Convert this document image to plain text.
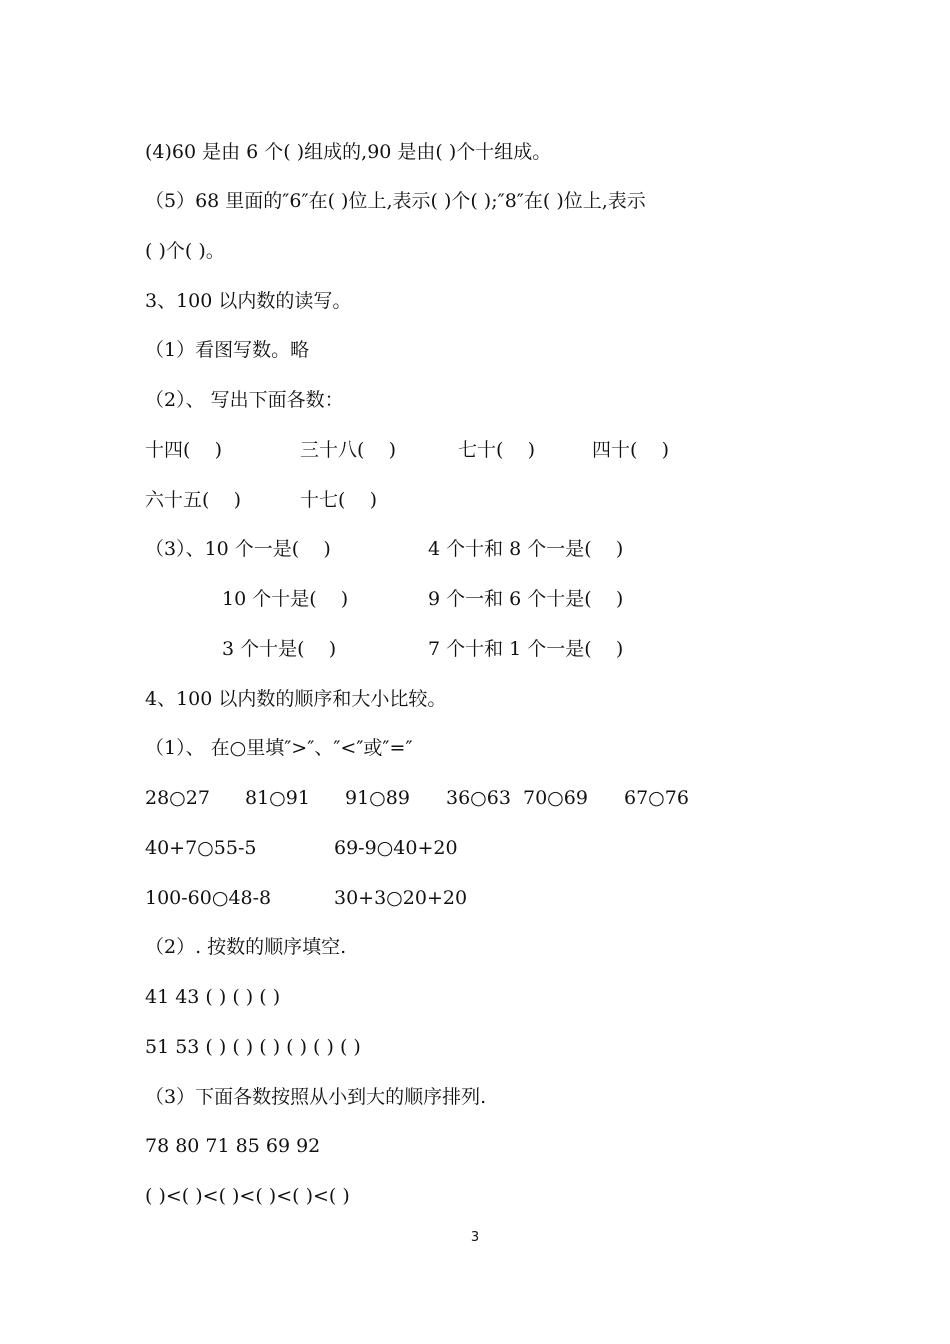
(4)60 是由 6 个( )组成的,90 是由( )个十组成。

（5）68 里面的″6″在( )位上,表示( )个( );″8″在( )位上,表示

( )个( )。

3、100 以内数的读写。

（1）看图写数。略

（2）、 写出下面各数：

十四(    )	三十八(    )	七十(    )	四十(    )
六十五(    )	十七(    )
（3）、10 个一是(    )	4 个十和 8 个一是(    )
10 个十是(    )	9 个一和 6 个十是(    )
3 个十是(    )	7 个十和 1 个一是(    )

4、100 以内数的顺序和大小比较。

（1）、 在○里填″>″、″<″或″=″

28○27 81○91 91○89 36○63 70○69 67○76
40+7○55-5	69-9○40+20
100-60○48-8	30+3○20+20

（2）. 按数的顺序填空.

41 43 ( ) ( ) ( )

51 53 ( ) ( ) ( ) ( ) ( ) ( )

（3）下面各数按照从小到大的顺序排列.

78 80 71 85 69 92

( )<( )<( )<( )<( )<( )

3
